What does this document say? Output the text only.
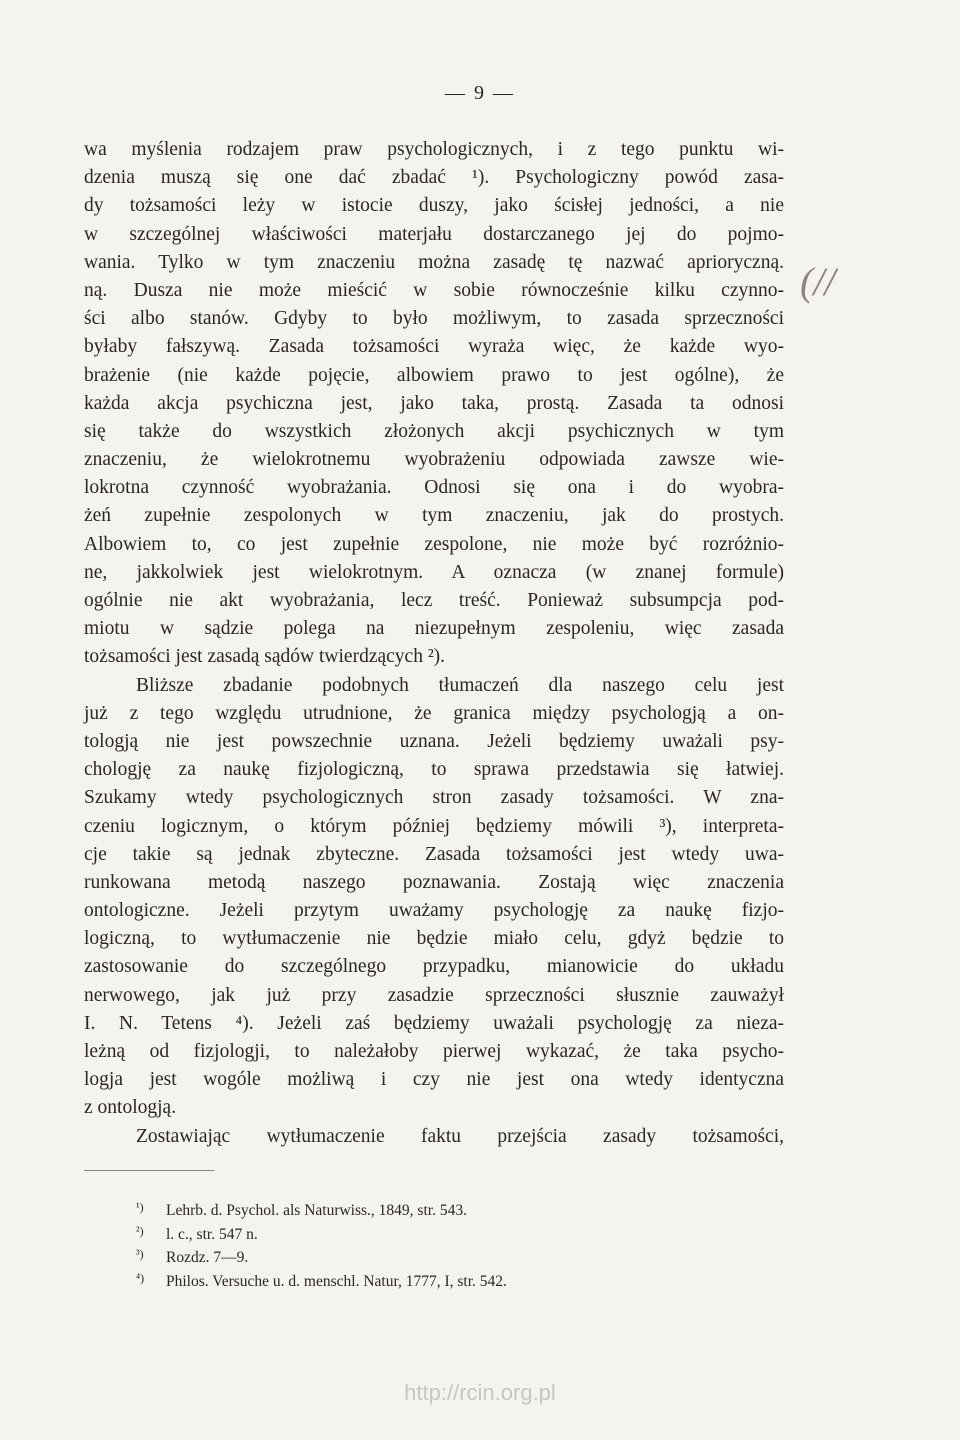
— 9 —
(//
wa myślenia rodzajem praw psychologicznych, i z tego punktu wi-
dzenia muszą się one dać zbadać ¹). Psychologiczny powód zasa-
dy tożsamości leży w istocie duszy, jako ścisłej jedności, a nie
w szczególnej właściwości materjału dostarczanego jej do pojmo-
wania. Tylko w tym znaczeniu można zasadę tę nazwać aprioryczną.
ną. Dusza nie może mieścić w sobie równocześnie kilku czynno-
ści albo stanów. Gdyby to było możliwym, to zasada sprzeczności
byłaby fałszywą. Zasada tożsamości wyraża więc, że każde wyo-
brażenie (nie każde pojęcie, albowiem prawo to jest ogólne), że
każda akcja psychiczna jest, jako taka, prostą. Zasada ta odnosi
się także do wszystkich złożonych akcji psychicznych w tym
znaczeniu, że wielokrotnemu wyobrażeniu odpowiada zawsze wie-
lokrotna czynność wyobrażania. Odnosi się ona i do wyobra-
żeń zupełnie zespolonych w tym znaczeniu, jak do prostych.
Albowiem to, co jest zupełnie zespolone, nie może być rozróżnio-
ne, jakkolwiek jest wielokrotnym. A oznacza (w znanej formule)
ogólnie nie akt wyobrażania, lecz treść. Ponieważ subsumpcja pod-
miotu w sądzie polega na niezupełnym zespoleniu, więc zasada
tożsamości jest zasadą sądów twierdzących ²).
Bliższe zbadanie podobnych tłumaczeń dla naszego celu jest
już z tego względu utrudnione, że granica między psychologją a on-
tologją nie jest powszechnie uznana. Jeżeli będziemy uważali psy-
chologję za naukę fizjologiczną, to sprawa przedstawia się łatwiej.
Szukamy wtedy psychologicznych stron zasady tożsamości. W zna-
czeniu logicznym, o którym później będziemy mówili ³), interpreta-
cje takie są jednak zbyteczne. Zasada tożsamości jest wtedy uwa-
runkowana metodą naszego poznawania. Zostają więc znaczenia
ontologiczne. Jeżeli przytym uważamy psychologję za naukę fizjo-
logiczną, to wytłumaczenie nie będzie miało celu, gdyż będzie to
zastosowanie do szczególnego przypadku, mianowicie do układu
nerwowego, jak już przy zasadzie sprzeczności słusznie zauważył
I. N. Tetens ⁴). Jeżeli zaś będziemy uważali psychologję za nieza-
leżną od fizjologji, to należałoby pierwej wykazać, że taka psycho-
logja jest wogóle możliwą i czy nie jest ona wtedy identyczna
z ontologją.
Zostawiając wytłumaczenie faktu przejścia zasady tożsamości,
¹) Lehrb. d. Psychol. als Naturwiss., 1849, str. 543.
²) l. c., str. 547 n.
³) Rozdz. 7—9.
⁴) Philos. Versuche u. d. menschl. Natur, 1777, I, str. 542.
http://rcin.org.pl
